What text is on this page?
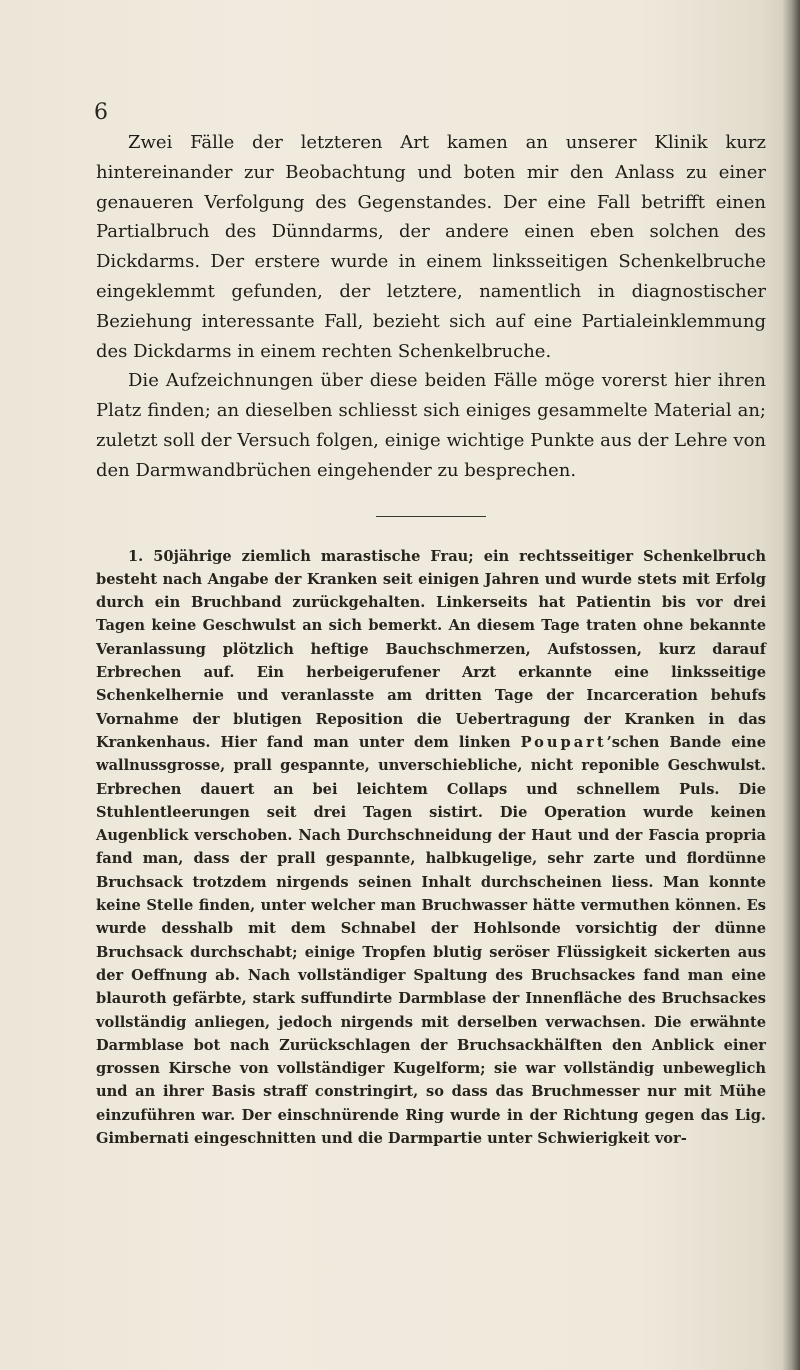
6

Zwei Fälle der letzteren Art kamen an unserer Klinik kurz hintereinander zur Beobachtung und boten mir den Anlass zu einer genaueren Verfolgung des Gegenstandes. Der eine Fall betrifft einen Partialbruch des Dünndarms, der andere einen eben solchen des Dickdarms. Der erstere wurde in einem linksseitigen Schenkelbruche eingeklemmt gefunden, der letztere, namentlich in diagnostischer Beziehung interessante Fall, bezieht sich auf eine Partialeinklemmung des Dickdarms in einem rechten Schenkelbruche.

Die Aufzeichnungen über diese beiden Fälle möge vorerst hier ihren Platz finden; an dieselben schliesst sich einiges gesammelte Material an; zuletzt soll der Versuch folgen, einige wichtige Punkte aus der Lehre von den Darmwandbrüchen eingehender zu besprechen.

1. 50jährige ziemlich marastische Frau; ein rechtsseitiger Schenkelbruch besteht nach Angabe der Kranken seit einigen Jahren und wurde stets mit Erfolg durch ein Bruchband zurückgehalten. Linkerseits hat Patientin bis vor drei Tagen keine Geschwulst an sich bemerkt. An diesem Tage traten ohne bekannte Veranlassung plötzlich heftige Bauchschmerzen, Aufstossen, kurz darauf Erbrechen auf. Ein herbeigerufener Arzt erkannte eine linksseitige Schenkelhernie und veranlasste am dritten Tage der Incarceration behufs Vornahme der blutigen Reposition die Uebertragung der Kranken in das Krankenhaus. Hier fand man unter dem linken Poupart’schen Bande eine wallnussgrosse, prall gespannte, unverschiebliche, nicht reponible Geschwulst. Erbrechen dauert an bei leichtem Collaps und schnellem Puls. Die Stuhlentleerungen seit drei Tagen sistirt. Die Operation wurde keinen Augenblick verschoben. Nach Durchschneidung der Haut und der Fascia propria fand man, dass der prall gespannte, halbkugelige, sehr zarte und flordünne Bruchsack trotzdem nirgends seinen Inhalt durchscheinen liess. Man konnte keine Stelle finden, unter welcher man Bruchwasser hätte vermuthen können. Es wurde desshalb mit dem Schnabel der Hohlsonde vorsichtig der dünne Bruchsack durchschabt; einige Tropfen blutig seröser Flüssigkeit sickerten aus der Oeffnung ab. Nach vollständiger Spaltung des Bruchsackes fand man eine blauroth gefärbte, stark suffundirte Darmblase der Innenfläche des Bruchsackes vollständig anliegen, jedoch nirgends mit derselben verwachsen. Die erwähnte Darmblase bot nach Zurückschlagen der Bruchsackhälften den Anblick einer grossen Kirsche von vollständiger Kugelform; sie war vollständig unbeweglich und an ihrer Basis straff constringirt, so dass das Bruchmesser nur mit Mühe einzuführen war. Der einschnürende Ring wurde in der Richtung gegen das Lig. Gimbernati eingeschnitten und die Darmpartie unter Schwierigkeit vor-
